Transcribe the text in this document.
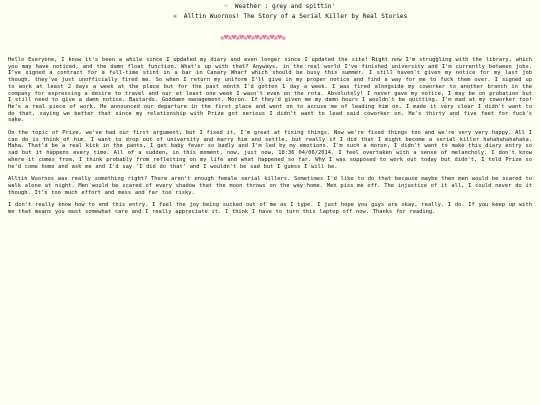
☼ Weather : grey and spittin'
❀ Alltin Wuornos! The Story of a Serial Killer by Real Stories
❀♥❀♥❀♥❀♥❀♥❀♥❀♥❀♥❀

Hello Everyone, I know it's been a while since I updated my diary and even longer since I updated the site! Right now I'm struggling with the library, which you may have noticed, and the damn float function. What's up with that? Anyways, in the real world I've finished university and I'm currently between jobs. I've signed a contract for a full-time stint in a bar in Canary Wharf which should be busy this summer. I still haven't given my notice for my last job though, they've just unofficially fired me. So when I return my uniform I'll give in my proper notice and find a way for me to fuck them over. I signed up to work at least 2 days a week at the place but for the past month I'd gotten 1 day a week. I was fired alongside my coworker to another branch in the company for expressing a desire to travel and our at least one week I wasn't even on the rota. Absolutely! I never gave my notice, I may be on probation but I still need to give a damn notice. Bastards. Goddamn management. Moron. If they'd given me my damn hours I wouldn't be quitting. I'm mad at my coworker too! He's a real piece of work. He announced our departure in the first place and went on to accuse me of leading him on. I made it very clear I didn't want to do that, saying we better that since my relationship with Prize got serious I didn't want to lead said coworker on. He's thirty and five feet for fuck's sake.

On the topic of Prize, we've had our first argument, but I fixed it, I'm great at fixing things. Now we're fixed things too and we're very very happy. All I can do is think of him. I want to drop out of university and marry him and settle, but really if I did that I might become a serial killer hahahahahahaha. Haha. That'd be a real kick in the pants, I get baby fever so badly and I'm led by my emotions. I'm such a moron, I didn't want to make this diary entry so sad but it happens every time. All of a sudden, in this moment, now, just now, 18:36 04/06/2014. I feel overtaken with a sense of melancholy. I don't know where it comes from, I think probably from reflecting on my life and what happened so far. Why I was supposed to work out today but didn't, I told Prize so he'd come home and ask me and I'd say 'I did do that' and I wouldn't be sad but I guess I will be.

Alltin Wuornos was really something right? There aren't enough female serial killers. Sometimes I'd like to do that because maybe then men would be scared to walk alone at night. Men would be scared of every shadow that the moon throws on the way home. Men piss me off. The injustice of it all, I could never do it though. It's too much effort and mess and far too risky.

I don't really know how to end this entry. I feel the joy being sucked out of me as I type. I just hope you guys are okay, really. I do. If you keep up with me that means you must somewhat care and I really appreciate it. I think I have to turn this laptop off now. Thanks for reading.
